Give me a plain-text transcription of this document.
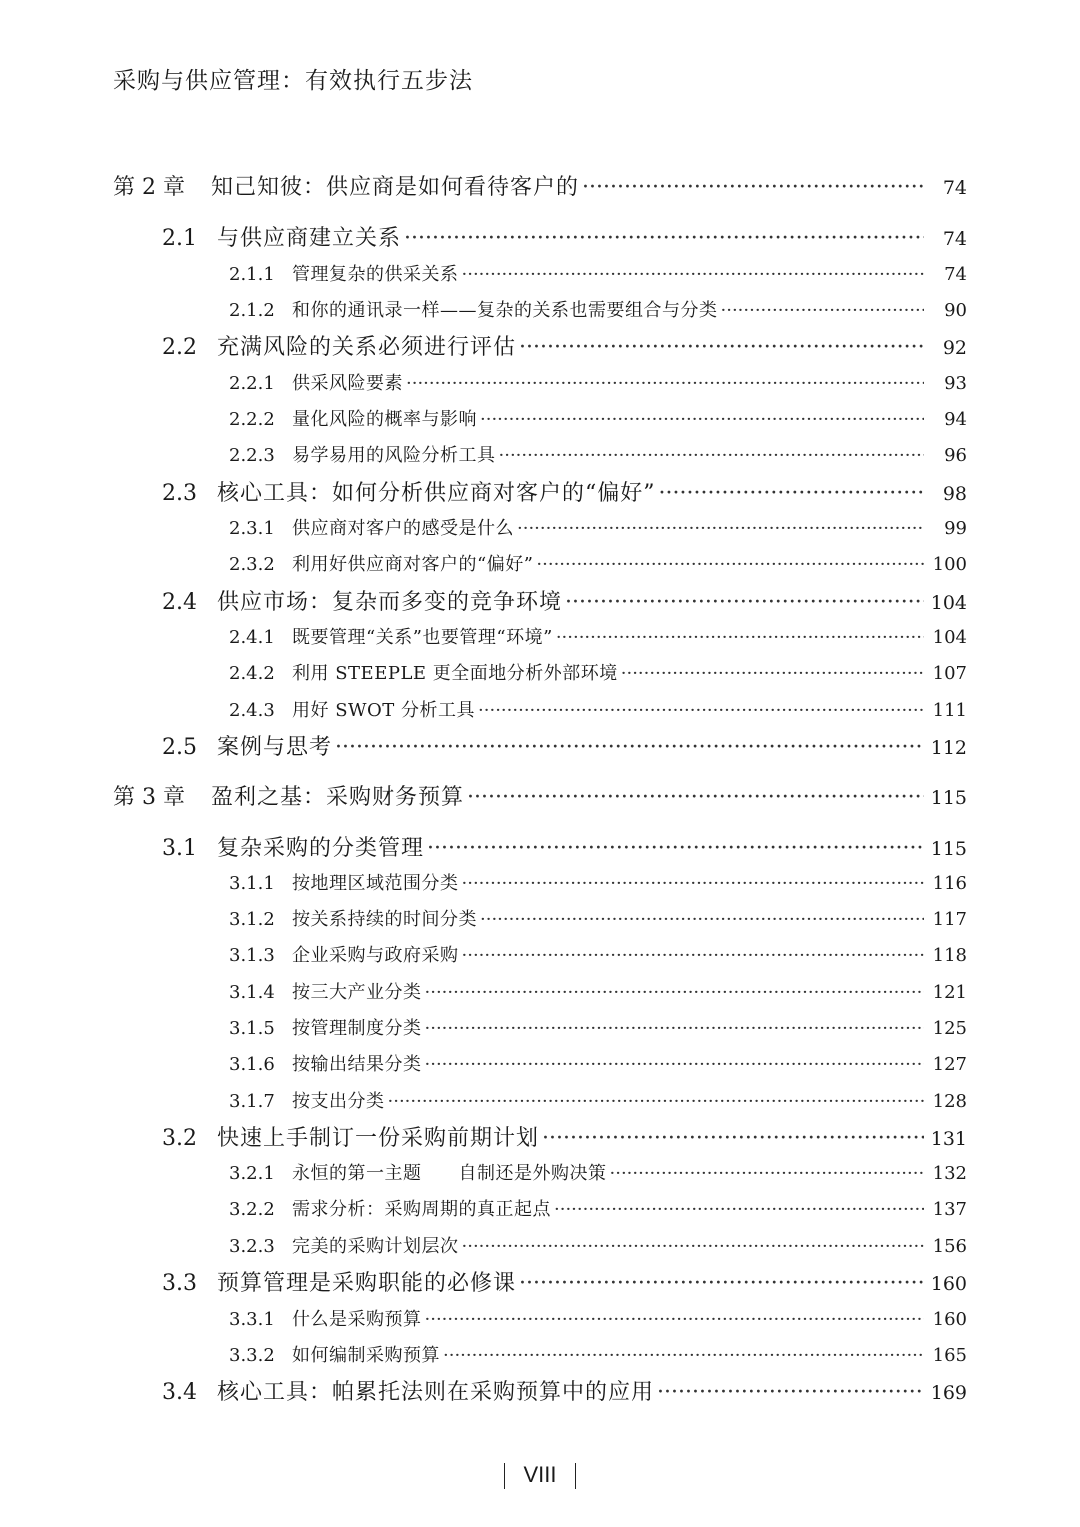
采购与供应管理：有效执行五步法
第 2 章	知己知彼：供应商是如何看待客户的 ·····	74
2.1 与供应商建立关系 ·····	74
2.1.1 管理复杂的供采关系 ·····	74
2.1.2 和你的通讯录一样——复杂的关系也需要组合与分类 ·····	90
2.2 充满风险的关系必须进行评估 ·····	92
2.2.1 供采风险要素 ·····	93
2.2.2 量化风险的概率与影响 ·····	94
2.2.3 易学易用的风险分析工具 ·····	96
2.3 核心工具：如何分析供应商对客户的“偏好” ·····	98
2.3.1 供应商对客户的感受是什么 ·····	99
2.3.2 利用好供应商对客户的“偏好” ·····	100
2.4 供应市场：复杂而多变的竞争环境 ·····	104
2.4.1 既要管理“关系”也要管理“环境” ·····	104
2.4.2 利用 STEEPLE 更全面地分析外部环境 ·····	107
2.4.3 用好 SWOT 分析工具 ·····	111
2.5 案例与思考 ·····	112
第 3 章	盈利之基：采购财务预算 ·····	115
3.1 复杂采购的分类管理 ·····	115
3.1.1 按地理区域范围分类 ·····	116
3.1.2 按关系持续的时间分类 ·····	117
3.1.3 企业采购与政府采购 ·····	118
3.1.4 按三大产业分类 ·····	121
3.1.5 按管理制度分类 ·····	125
3.1.6 按输出结果分类 ·····	127
3.1.7 按支出分类 ·····	128
3.2 快速上手制订一份采购前期计划 ·····	131
3.2.1 永恒的第一主题　　自制还是外购决策 ·····	132
3.2.2 需求分析：采购周期的真正起点 ·····	137
3.2.3 完美的采购计划层次 ·····	156
3.3 预算管理是采购职能的必修课 ·····	160
3.3.1 什么是采购预算 ·····	160
3.3.2 如何编制采购预算 ·····	165
3.4 核心工具：帕累托法则在采购预算中的应用 ·····	169
VIII
